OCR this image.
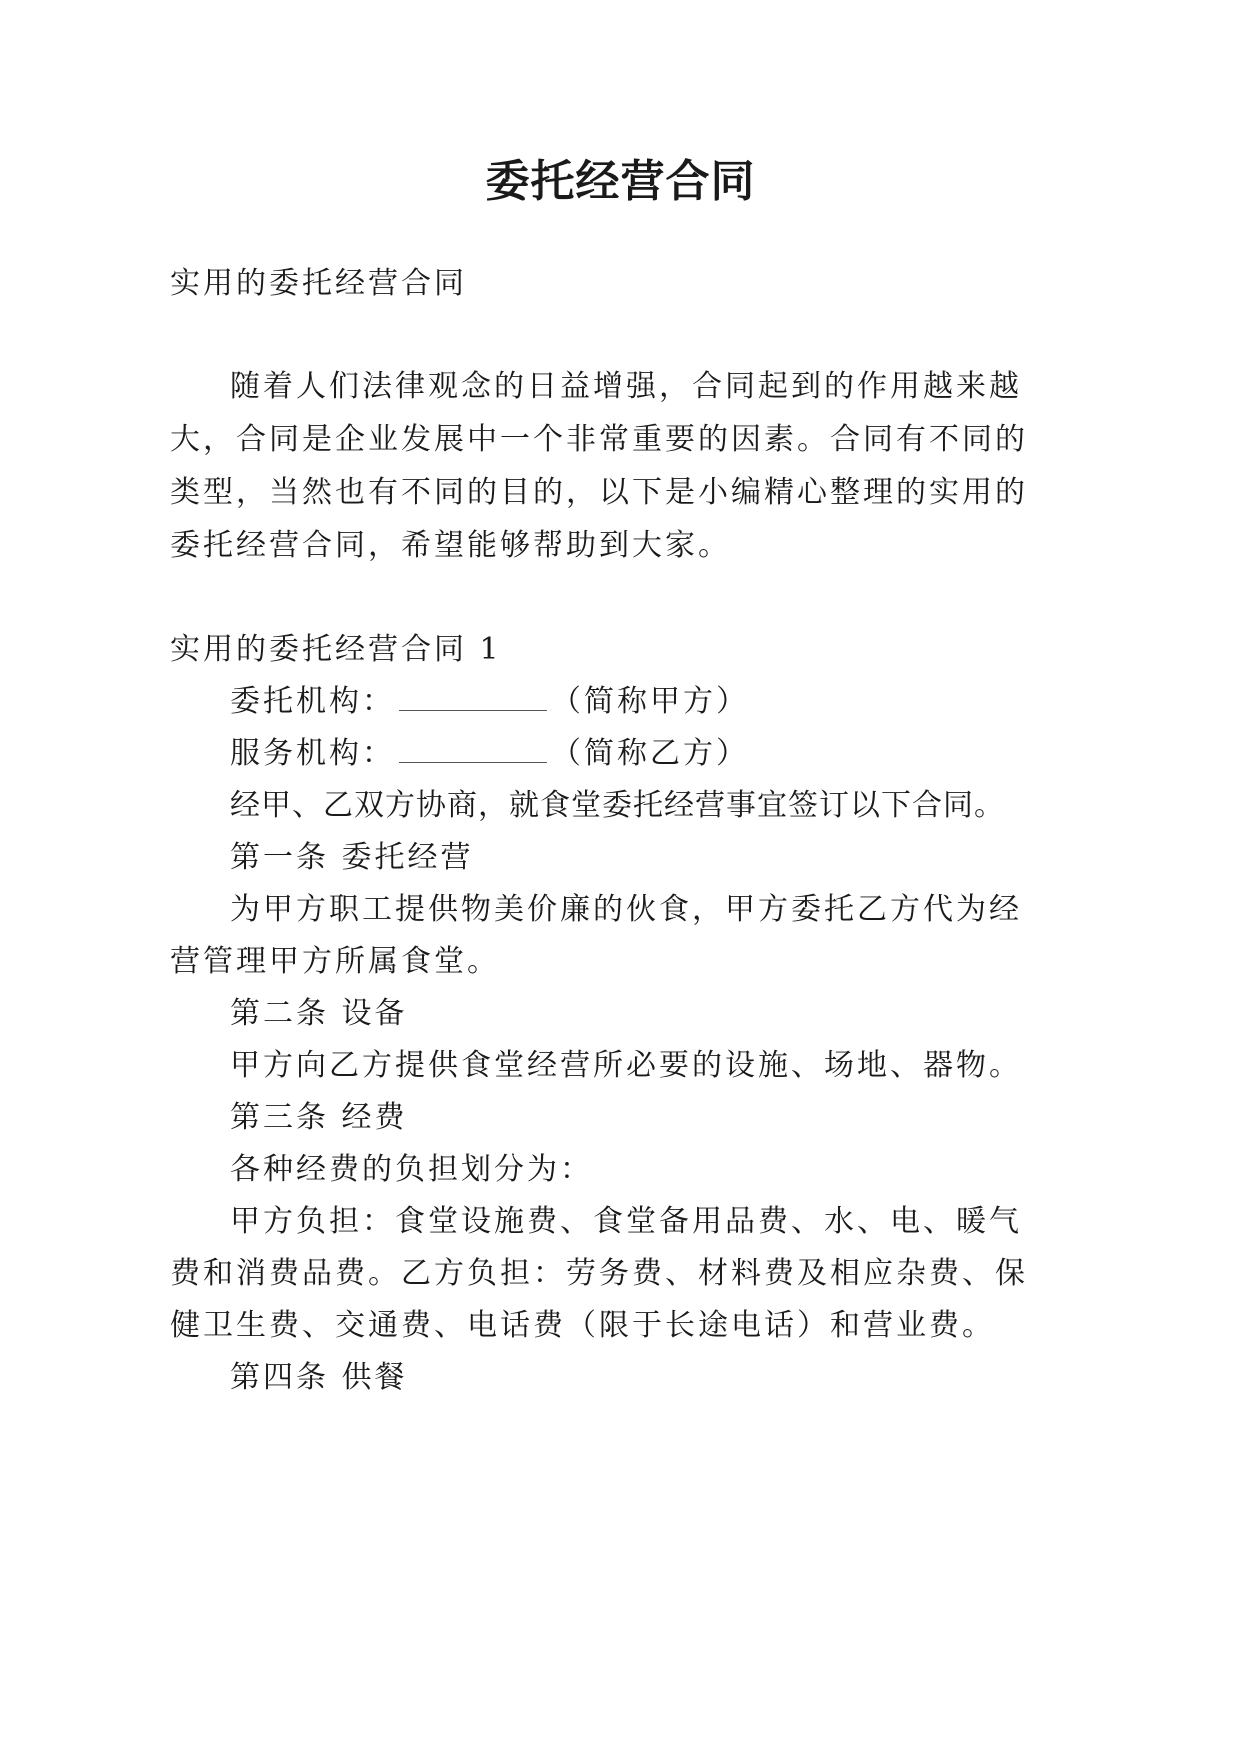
委托经营合同

实用的委托经营合同

随着人们法律观念的日益增强，合同起到的作用越来越

大，合同是企业发展中一个非常重要的因素。合同有不同的

类型，当然也有不同的目的，以下是小编精心整理的实用的

委托经营合同，希望能够帮助到大家。

实用的委托经营合同 1

委托机构：	（简称甲方）

服务机构：	（简称乙方）

经甲、乙双方协商，就食堂委托经营事宜签订以下合同。

第一条 委托经营

为甲方职工提供物美价廉的伙食，甲方委托乙方代为经

营管理甲方所属食堂。

第二条 设备

甲方向乙方提供食堂经营所必要的设施、场地、器物。

第三条 经费

各种经费的负担划分为：

甲方负担：食堂设施费、食堂备用品费、水、电、暖气

费和消费品费。乙方负担：劳务费、材料费及相应杂费、保

健卫生费、交通费、电话费（限于长途电话）和营业费。

第四条 供餐
